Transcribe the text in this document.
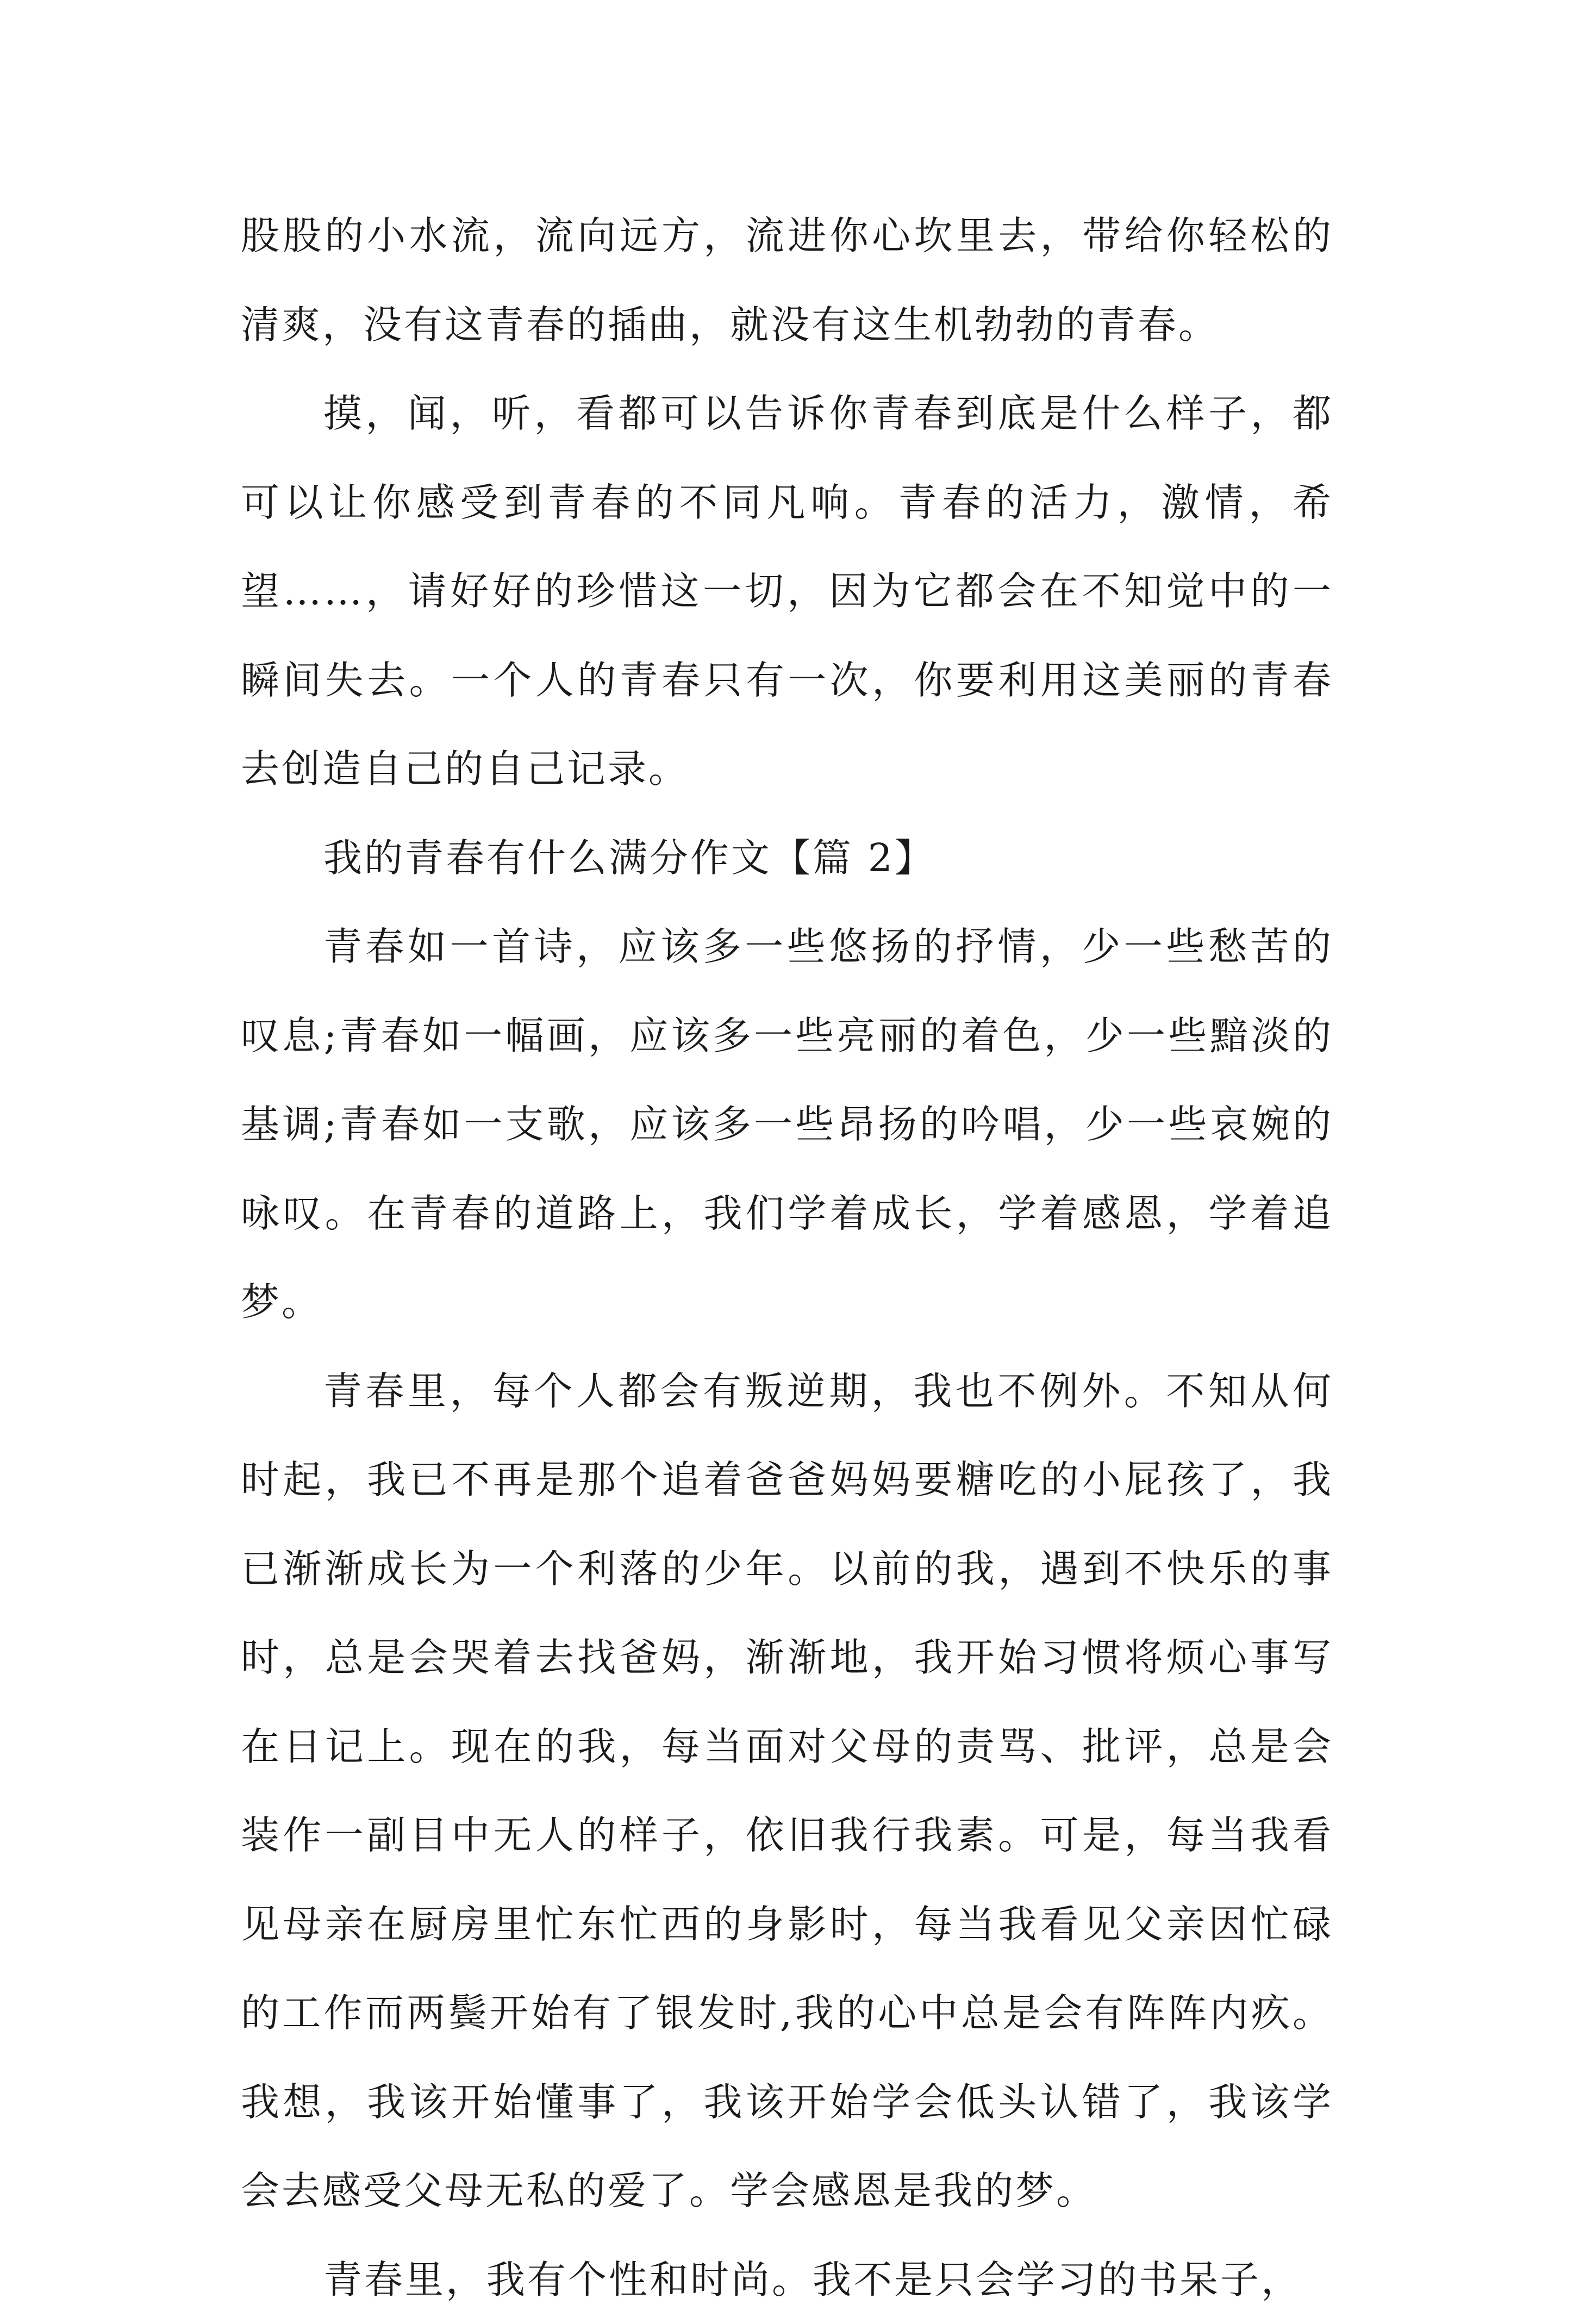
股股的小水流，流向远方，流进你心坎里去，带给你轻松的清爽，没有这青春的插曲，就没有这生机勃勃的青春。

摸，闻，听，看都可以告诉你青春到底是什么样子，都可以让你感受到青春的不同凡响。青春的活力，激情，希望……，请好好的珍惜这一切，因为它都会在不知觉中的一瞬间失去。一个人的青春只有一次，你要利用这美丽的青春去创造自己的自己记录。

我的青春有什么满分作文【篇 2】

青春如一首诗，应该多一些悠扬的抒情，少一些愁苦的叹息;青春如一幅画，应该多一些亮丽的着色，少一些黯淡的基调;青春如一支歌，应该多一些昂扬的吟唱，少一些哀婉的咏叹。在青春的道路上，我们学着成长，学着感恩，学着追梦。

青春里，每个人都会有叛逆期，我也不例外。不知从何时起，我已不再是那个追着爸爸妈妈要糖吃的小屁孩了，我已渐渐成长为一个利落的少年。以前的我，遇到不快乐的事时，总是会哭着去找爸妈，渐渐地，我开始习惯将烦心事写在日记上。现在的我，每当面对父母的责骂、批评，总是会装作一副目中无人的样子，依旧我行我素。可是，每当我看见母亲在厨房里忙东忙西的身影时，每当我看见父亲因忙碌的工作而两鬓开始有了银发时,我的心中总是会有阵阵内疚。我想，我该开始懂事了，我该开始学会低头认错了，我该学会去感受父母无私的爱了。学会感恩是我的梦。

青春里，我有个性和时尚。我不是只会学习的书呆子，
